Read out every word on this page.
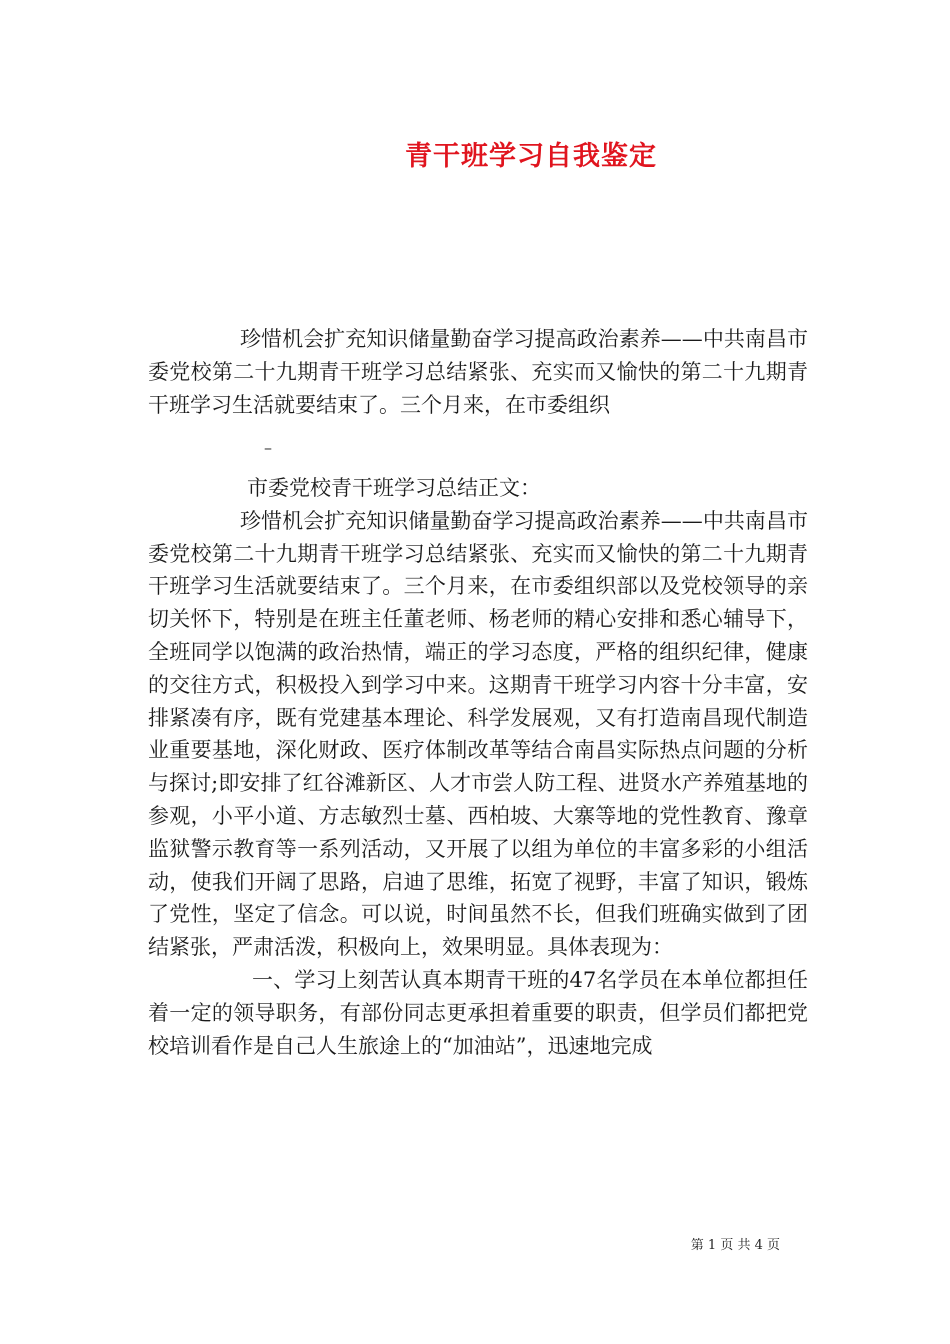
青干班学习自我鉴定

珍惜机会扩充知识储量勤奋学习提高政治素养——中共南昌市委党校第二十九期青干班学习总结紧张、充实而又愉快的第二十九期青干班学习生活就要结束了。三个月来，在市委组织

–

市委党校青干班学习总结正文：

珍惜机会扩充知识储量勤奋学习提高政治素养——中共南昌市委党校第二十九期青干班学习总结紧张、充实而又愉快的第二十九期青干班学习生活就要结束了。三个月来，在市委组织部以及党校领导的亲切关怀下，特别是在班主任董老师、杨老师的精心安排和悉心辅导下，全班同学以饱满的政治热情，端正的学习态度，严格的组织纪律，健康的交往方式，积极投入到学习中来。这期青干班学习内容十分丰富，安排紧凑有序，既有党建基本理论、科学发展观，又有打造南昌现代制造业重要基地，深化财政、医疗体制改革等结合南昌实际热点问题的分析与探讨;即安排了红谷滩新区、人才市尝人防工程、进贤水产养殖基地的参观，小平小道、方志敏烈士墓、西柏坡、大寨等地的党性教育、豫章监狱警示教育等一系列活动，又开展了以组为单位的丰富多彩的小组活动，使我们开阔了思路，启迪了思维，拓宽了视野，丰富了知识，锻炼了党性，坚定了信念。可以说，时间虽然不长，但我们班确实做到了团结紧张，严肃活泼，积极向上，效果明显。具体表现为：

一、学习上刻苦认真本期青干班的47名学员在本单位都担任着一定的领导职务，有部份同志更承担着重要的职责，但学员们都把党校培训看作是自己人生旅途上的“加油站”，迅速地完成

第 1 页 共 4 页
